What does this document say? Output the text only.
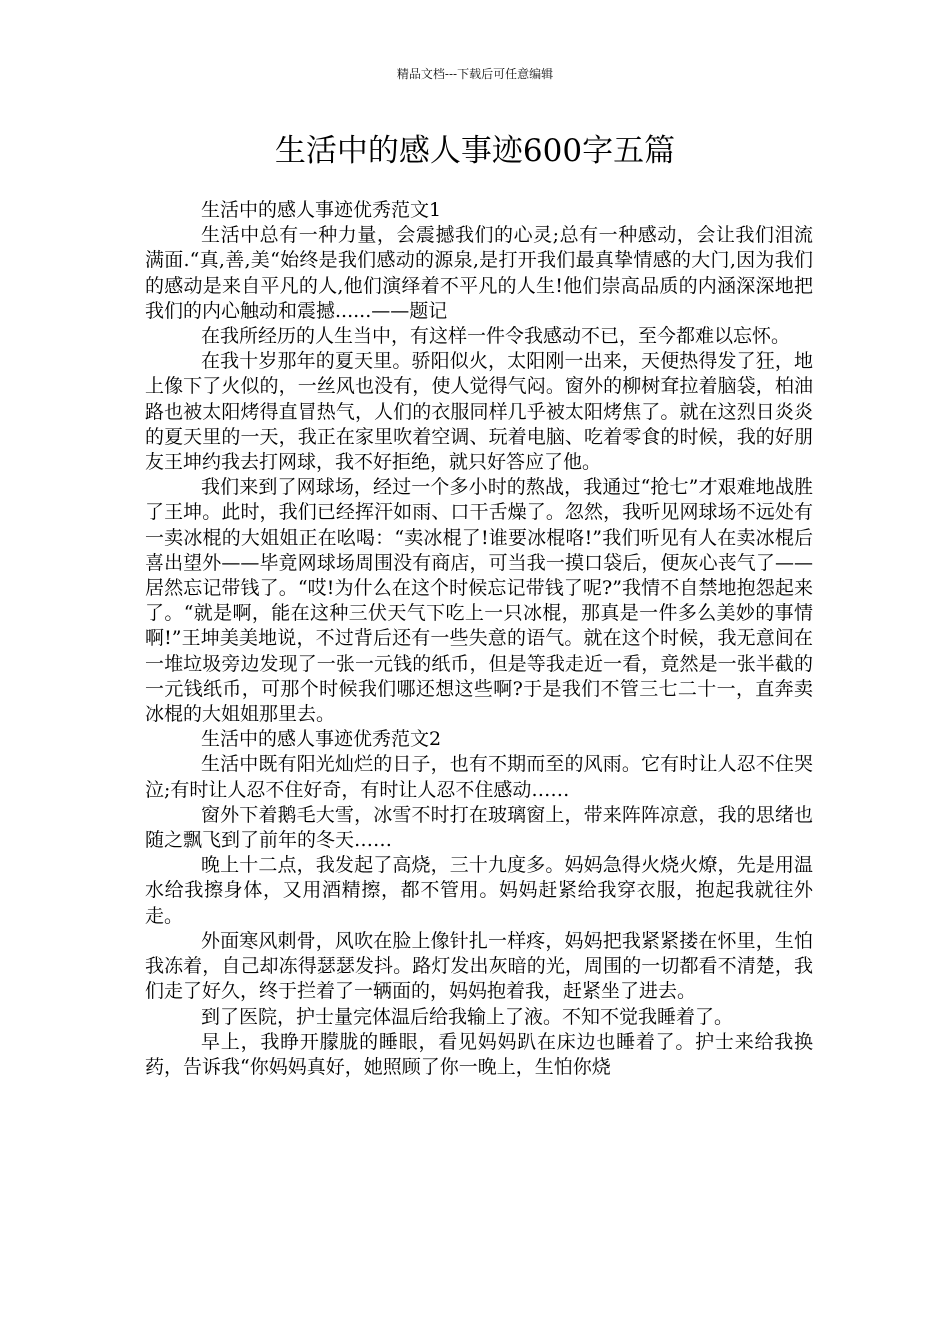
精品文档---下载后可任意编辑
生活中的感人事迹600字五篇

生活中的感人事迹优秀范文1

生活中总有一种力量，会震撼我们的心灵;总有一种感动，会让我们泪流满面.“真,善,美“始终是我们感动的源泉,是打开我们最真挚情感的大门,因为我们的感动是来自平凡的人,他们演绎着不平凡的人生!他们崇高品质的内涵深深地把我们的内心触动和震撼......——题记

在我所经历的人生当中，有这样一件令我感动不已，至今都难以忘怀。

在我十岁那年的夏天里。骄阳似火，太阳刚一出来，天便热得发了狂，地上像下了火似的，一丝风也没有，使人觉得气闷。窗外的柳树耷拉着脑袋，柏油路也被太阳烤得直冒热气，人们的衣服同样几乎被太阳烤焦了。就在这烈日炎炎的夏天里的一天，我正在家里吹着空调、玩着电脑、吃着零食的时候，我的好朋友王坤约我去打网球，我不好拒绝，就只好答应了他。

我们来到了网球场，经过一个多小时的熬战，我通过“抢七”才艰难地战胜了王坤。此时，我们已经挥汗如雨、口干舌燥了。忽然，我听见网球场不远处有一卖冰棍的大姐姐正在吆喝：“卖冰棍了!谁要冰棍咯!”我们听见有人在卖冰棍后喜出望外——毕竟网球场周围没有商店，可当我一摸口袋后，便灰心丧气了——居然忘记带钱了。“哎!为什么在这个时候忘记带钱了呢?”我情不自禁地抱怨起来了。“就是啊，能在这种三伏天气下吃上一只冰棍，那真是一件多么美妙的事情啊!”王坤美美地说，不过背后还有一些失意的语气。就在这个时候，我无意间在一堆垃圾旁边发现了一张一元钱的纸币，但是等我走近一看，竟然是一张半截的一元钱纸币，可那个时候我们哪还想这些啊?于是我们不管三七二十一，直奔卖冰棍的大姐姐那里去。

生活中的感人事迹优秀范文2

生活中既有阳光灿烂的日子，也有不期而至的风雨。它有时让人忍不住哭泣;有时让人忍不住好奇，有时让人忍不住感动……

窗外下着鹅毛大雪，冰雪不时打在玻璃窗上，带来阵阵凉意，我的思绪也随之飘飞到了前年的冬天……

晚上十二点，我发起了高烧，三十九度多。妈妈急得火烧火燎，先是用温水给我擦身体，又用酒精擦，都不管用。妈妈赶紧给我穿衣服，抱起我就往外走。

外面寒风刺骨，风吹在脸上像针扎一样疼，妈妈把我紧紧搂在怀里，生怕我冻着，自己却冻得瑟瑟发抖。路灯发出灰暗的光，周围的一切都看不清楚，我们走了好久，终于拦着了一辆面的，妈妈抱着我，赶紧坐了进去。

到了医院，护士量完体温后给我输上了液。不知不觉我睡着了。

早上，我睁开朦胧的睡眼，看见妈妈趴在床边也睡着了。护士来给我换药，告诉我“你妈妈真好，她照顾了你一晚上，生怕你烧
